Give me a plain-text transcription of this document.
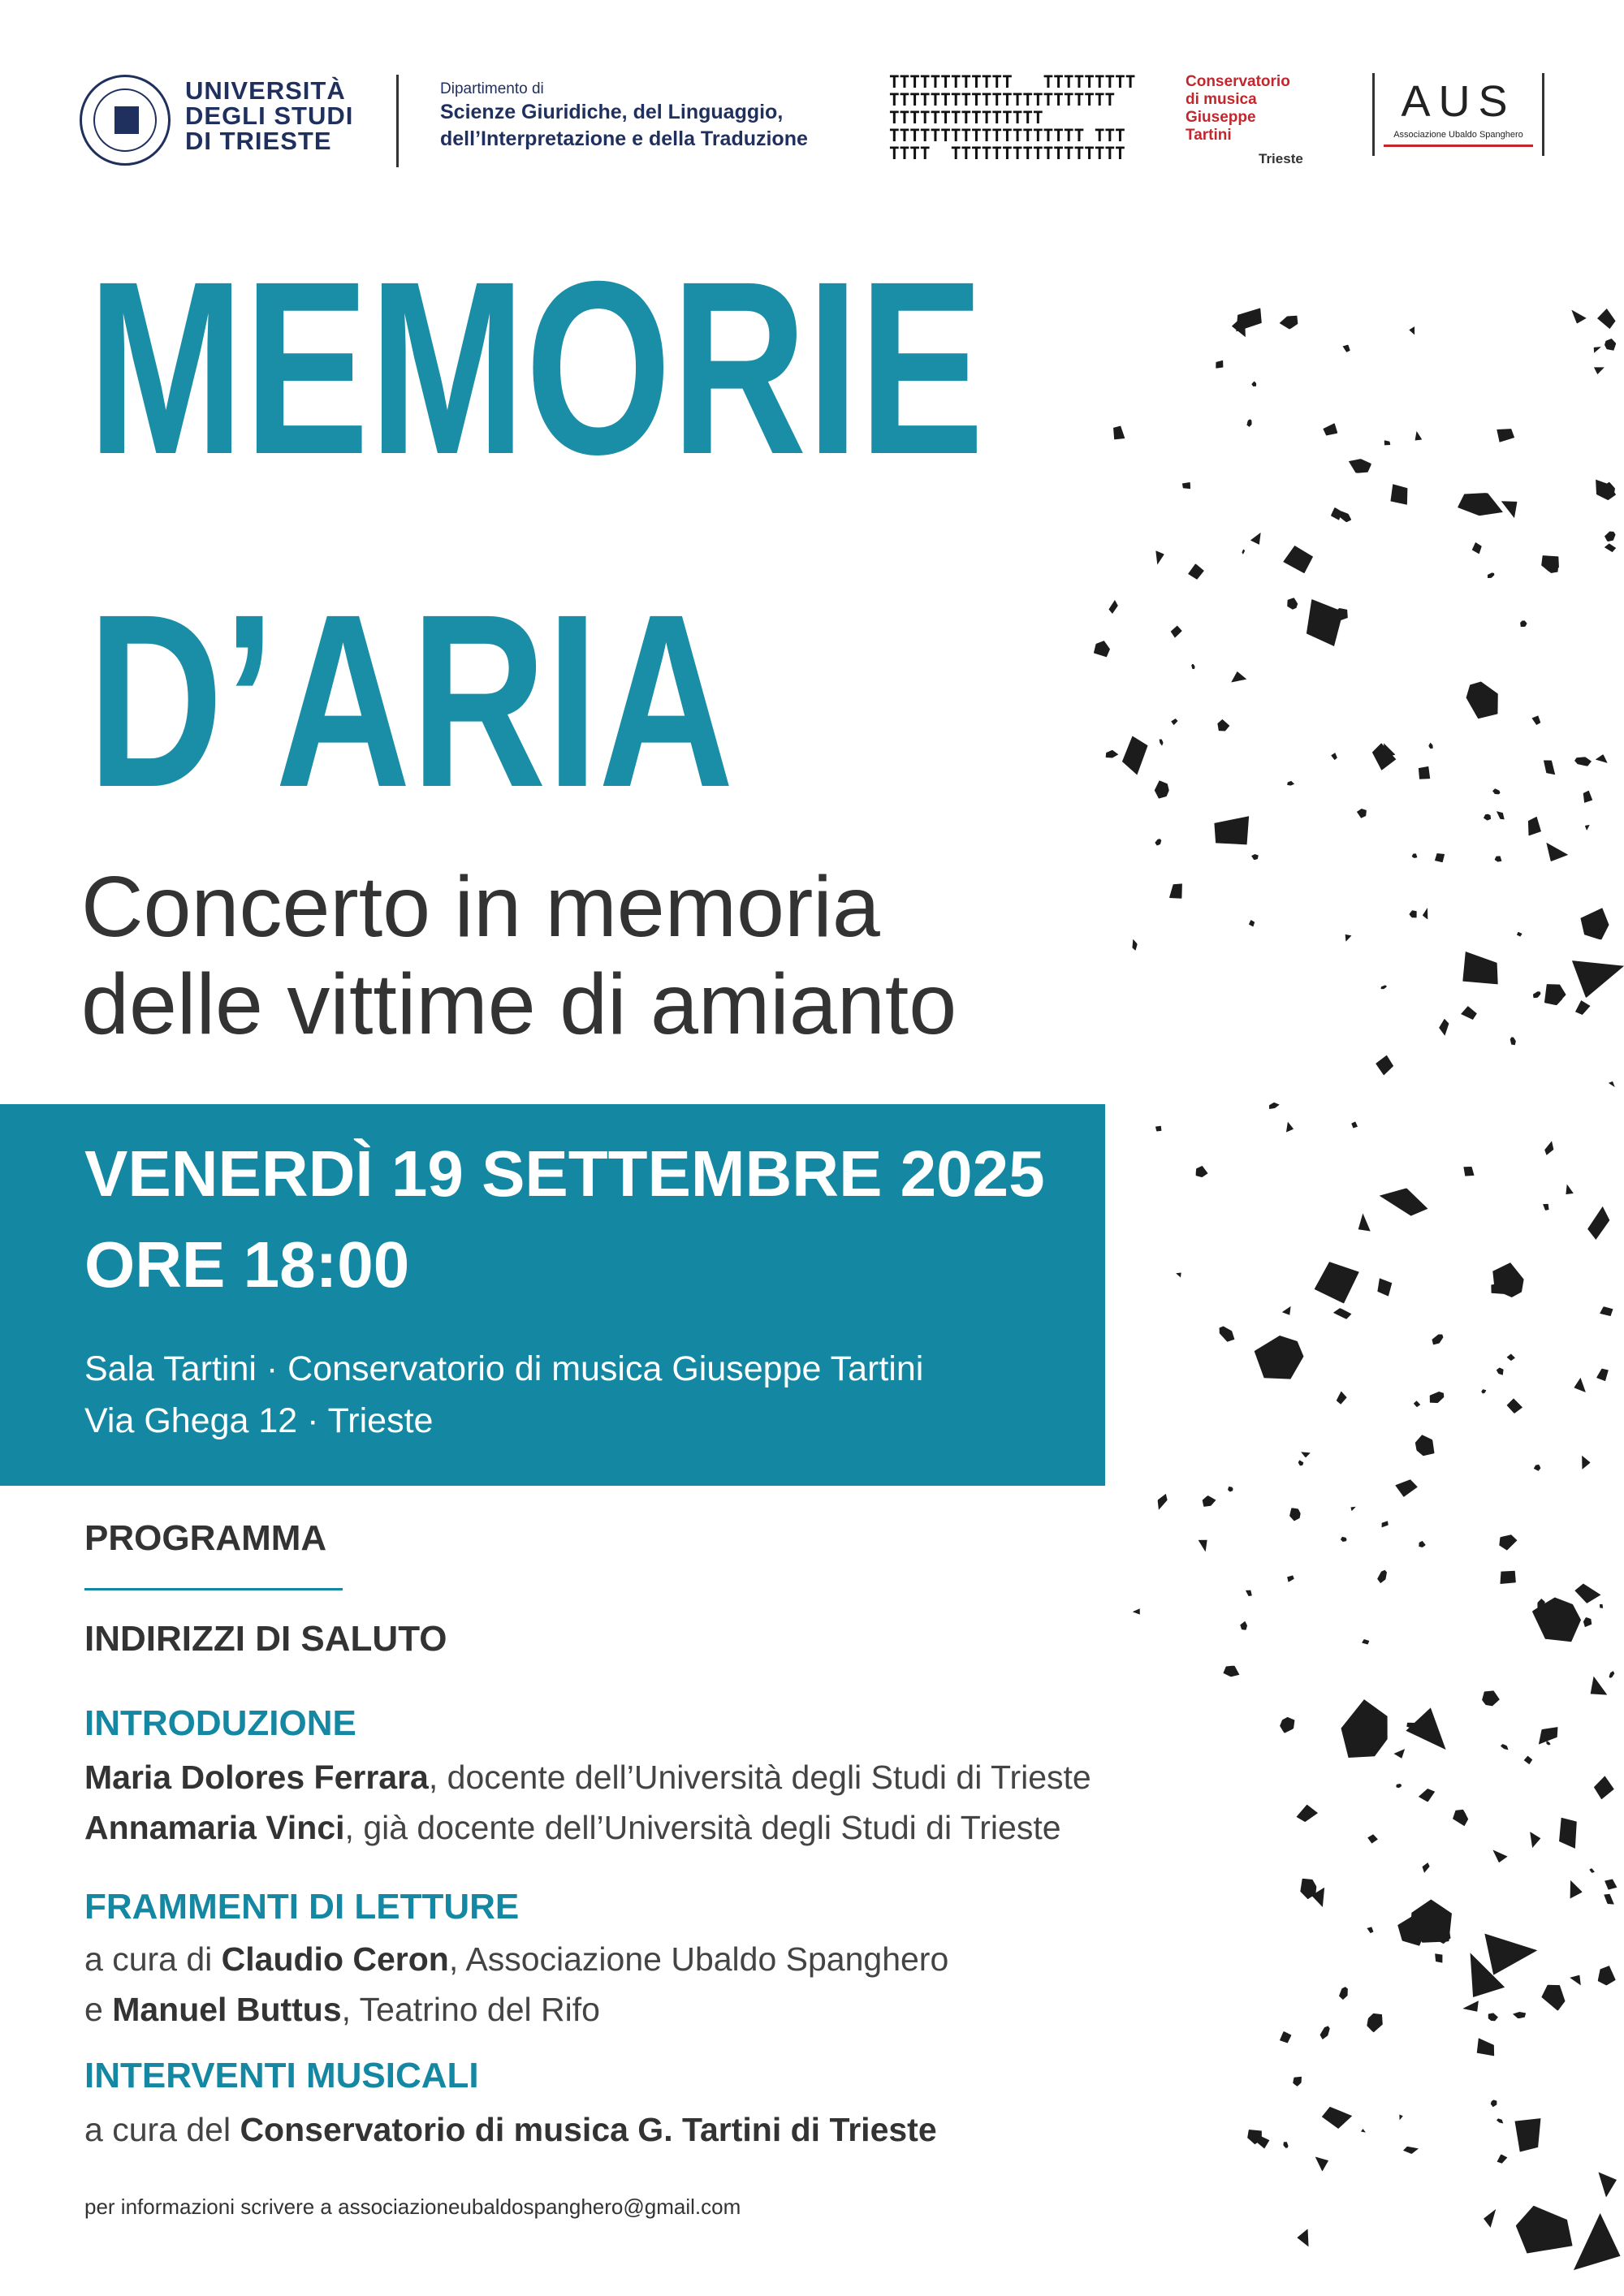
UNIVERSITÀ
DEGLI STUDI
DI TRIESTE
Dipartimento di
Scienze Giuridiche, del Linguaggio,
dell’Interpretazione e della Traduzione
TTTTTTTTTTTT   TTTTTTTTT
TTTTTTTTTTTTTTTTTTTTTT
TTTTTTTTTTTTTTT
TTTTTTTTTTTTTTTTTTT TTT
TTTT  TTTTTTTTTTTTTTTTT
Conservatorio
di musica
Giuseppe
Tartini
Trieste
AUS
Associazione Ubaldo Spanghero
MEMORIE
D’ARIA
Concerto in memoria
delle vittime di amianto
VENERDÌ 19 SETTEMBRE 2025
ORE 18:00
Sala Tartini · Conservatorio di musica Giuseppe Tartini
Via Ghega 12 · Trieste
PROGRAMMA
INDIRIZZI DI SALUTO
INTRODUZIONE
Maria Dolores Ferrara, docente dell’Università degli Studi di Trieste
Annamaria Vinci, già docente dell’Università degli Studi di Trieste
FRAMMENTI DI LETTURE
a cura di Claudio Ceron, Associazione Ubaldo Spanghero
e Manuel Buttus, Teatrino del Rifo
INTERVENTI MUSICALI
a cura del Conservatorio di musica G. Tartini di Trieste
per informazioni scrivere a associazioneubaldospanghero@gmail.com
